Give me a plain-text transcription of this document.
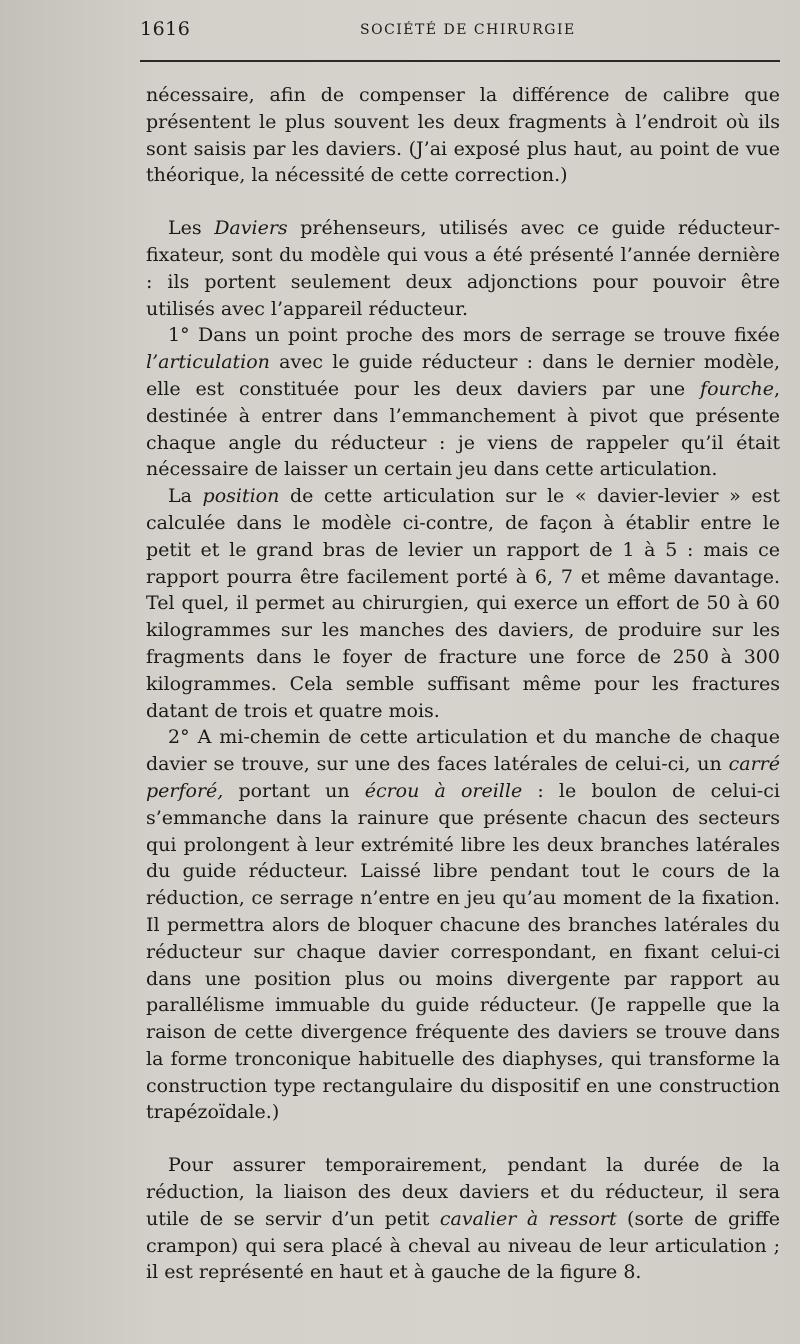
1616	SOCIÉTÉ DE CHIRURGIE

nécessaire, afin de compenser la différence de calibre que présentent le plus souvent les deux fragments à l’endroit où ils sont saisis par les daviers. (J’ai exposé plus haut, au point de vue théorique, la nécessité de cette correction.)

Les Daviers préhenseurs, utilisés avec ce guide réducteur-fixateur, sont du modèle qui vous a été présenté l’année dernière : ils portent seulement deux adjonctions pour pouvoir être utilisés avec l’appareil réducteur.

1° Dans un point proche des mors de serrage se trouve fixée l’articulation avec le guide réducteur : dans le dernier modèle, elle est constituée pour les deux daviers par une fourche, destinée à entrer dans l’emmanchement à pivot que présente chaque angle du réducteur : je viens de rappeler qu’il était nécessaire de laisser un certain jeu dans cette articulation.

La position de cette articulation sur le « davier-levier » est calculée dans le modèle ci-contre, de façon à établir entre le petit et le grand bras de levier un rapport de 1 à 5 : mais ce rapport pourra être facilement porté à 6, 7 et même davantage. Tel quel, il permet au chirurgien, qui exerce un effort de 50 à 60 kilogrammes sur les manches des daviers, de produire sur les fragments dans le foyer de fracture une force de 250 à 300 kilogrammes. Cela semble suffisant même pour les fractures datant de trois et quatre mois.

2° A mi-chemin de cette articulation et du manche de chaque davier se trouve, sur une des faces latérales de celui-ci, un carré perforé, portant un écrou à oreille : le boulon de celui-ci s’emmanche dans la rainure que présente chacun des secteurs qui prolongent à leur extrémité libre les deux branches latérales du guide réducteur. Laissé libre pendant tout le cours de la réduction, ce serrage n’entre en jeu qu’au moment de la fixation. Il permettra alors de bloquer chacune des branches latérales du réducteur sur chaque davier correspondant, en fixant celui-ci dans une position plus ou moins divergente par rapport au parallélisme immuable du guide réducteur. (Je rappelle que la raison de cette divergence fréquente des daviers se trouve dans la forme tronconique habituelle des diaphyses, qui transforme la construction type rectangulaire du dispositif en une construction trapézoïdale.)

Pour assurer temporairement, pendant la durée de la réduction, la liaison des deux daviers et du réducteur, il sera utile de se servir d’un petit cavalier à ressort (sorte de griffe crampon) qui sera placé à cheval au niveau de leur articulation ; il est représenté en haut et à gauche de la figure 8.
